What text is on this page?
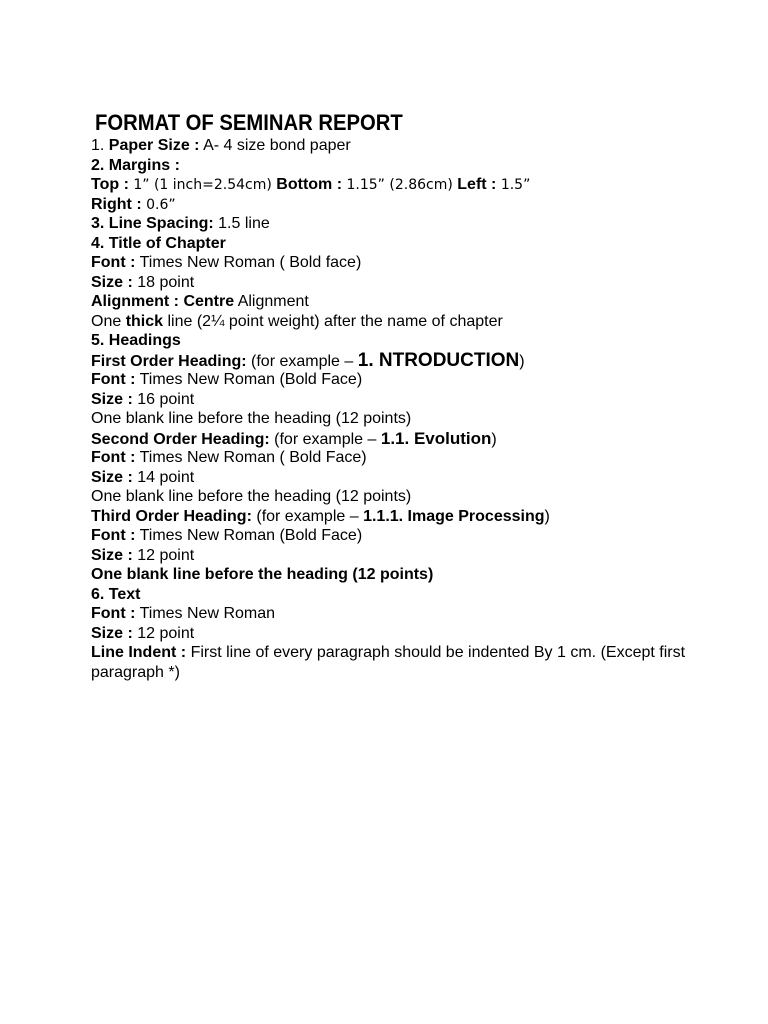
FORMAT OF SEMINAR REPORT
1. Paper Size : A- 4 size bond paper
2. Margins :
Top : 1” (1 inch=2.54cm) Bottom : 1.15” (2.86cm) Left : 1.5”
Right : 0.6”
3. Line Spacing: 1.5 line
4. Title of Chapter
Font : Times New Roman ( Bold face)
Size : 18 point
Alignment : Centre Alignment
One thick line (2¼ point weight) after the name of chapter
5. Headings
First Order Heading: (for example – 1. NTRODUCTION)
Font : Times New Roman (Bold Face)
Size : 16 point
One blank line before the heading (12 points)
Second Order Heading: (for example – 1.1. Evolution)
Font : Times New Roman ( Bold Face)
Size : 14 point
One blank line before the heading (12 points)
Third Order Heading: (for example – 1.1.1. Image Processing)
Font : Times New Roman (Bold Face)
Size : 12 point
One blank line before the heading (12 points)
6. Text
Font : Times New Roman
Size : 12 point
Line Indent : First line of every paragraph should be indented By 1 cm. (Except first paragraph *)
